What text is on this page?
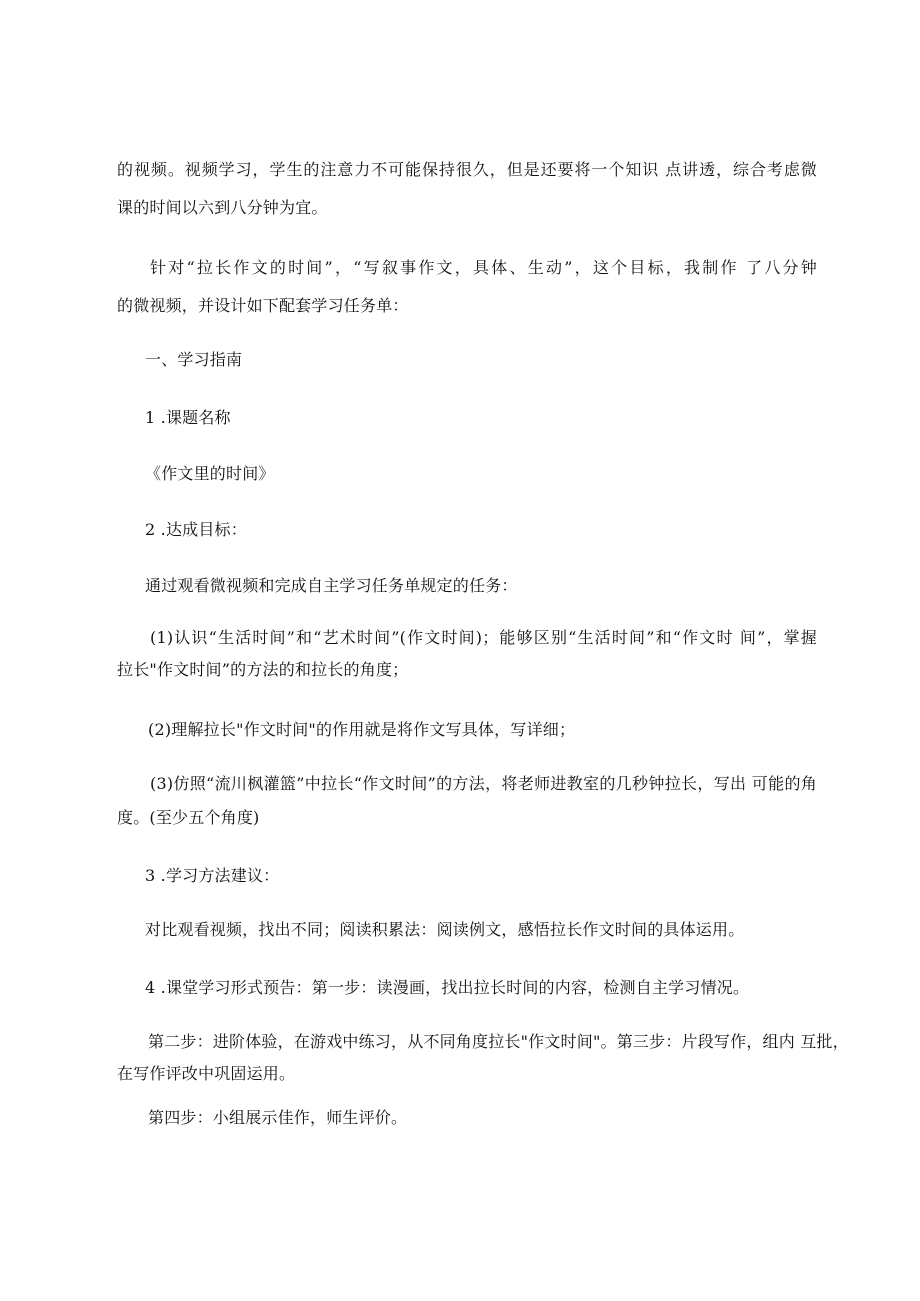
的视频。视频学习，学生的注意力不可能保持很久，但是还要将一个知识 点讲透，综合考虑微
课的时间以六到八分钟为宜。
针对“拉长作文的时间”，“写叙事作文，具体、生动”，这个目标，我制作 了八分钟
的微视频，并设计如下配套学习任务单：
一、学习指南
1 .课题名称
《作文里的时间》
2 .达成目标：
通过观看微视频和完成自主学习任务单规定的任务：
(1)认识“生活时间”和“艺术时间”(作文时间)；能够区别“生活时间”和“作文时 间”，掌握
拉长"作文时间”的方法的和拉长的角度；
(2)理解拉长"作文时间"的作用就是将作文写具体，写详细；
(3)仿照“流川枫灌篮”中拉长“作文时间”的方法，将老师进教室的几秒钟拉长，写出 可能的角
度。(至少五个角度)
3 .学习方法建议：
对比观看视频，找出不同；阅读积累法：阅读例文，感悟拉长作文时间的具体运用。
4 .课堂学习形式预告：第一步：读漫画，找出拉长时间的内容，检测自主学习情况。
第二步：进阶体验，在游戏中练习，从不同角度拉长"作文时间"。第三步：片段写作，组内 互批，
在写作评改中巩固运用。
第四步：小组展示佳作，师生评价。
